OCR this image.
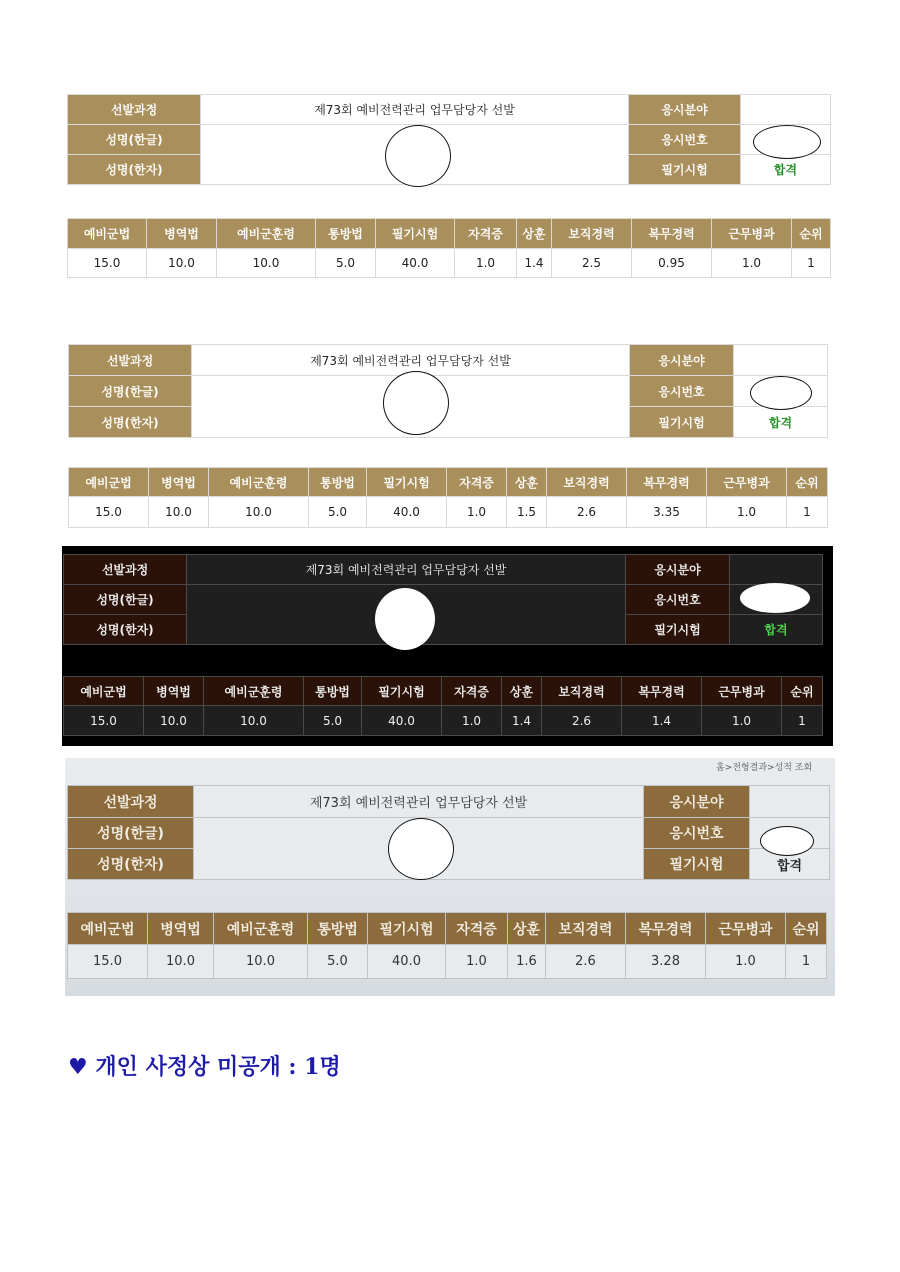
선발과정	제73회 예비전력관리 업무담당자 선발	응시분야	
성명(한글)		응시번호	
성명(한자)		필기시험	합격
예비군법	병역법	예비군훈령	통방법	필기시험	자격증	상훈	보직경력	복무경력	근무병과	순위
15.0	10.0	10.0	5.0	40.0	1.0	1.4	2.5	0.95	1.0	1
선발과정	제73회 예비전력관리 업무담당자 선발	응시분야	
성명(한글)		응시번호	
성명(한자)		필기시험	합격
예비군법	병역법	예비군훈령	통방법	필기시험	자격증	상훈	보직경력	복무경력	근무병과	순위
15.0	10.0	10.0	5.0	40.0	1.0	1.5	2.6	3.35	1.0	1
선발과정	제73회 예비전력관리 업무담당자 선발	응시분야	
성명(한글)		응시번호	
성명(한자)		필기시험	합격
예비군법	병역법	예비군훈령	통방법	필기시험	자격증	상훈	보직경력	복무경력	근무병과	순위
15.0	10.0	10.0	5.0	40.0	1.0	1.4	2.6	1.4	1.0	1
홈>전형결과>성적 조회
선발과정	제73회 예비전력관리 업무담당자 선발	응시분야	
성명(한글)		응시번호	
성명(한자)		필기시험	합격
예비군법	병역법	예비군훈령	통방법	필기시험	자격증	상훈	보직경력	복무경력	근무병과	순위
15.0	10.0	10.0	5.0	40.0	1.0	1.6	2.6	3.28	1.0	1
♥ 개인 사정상 미공개 : 1명
